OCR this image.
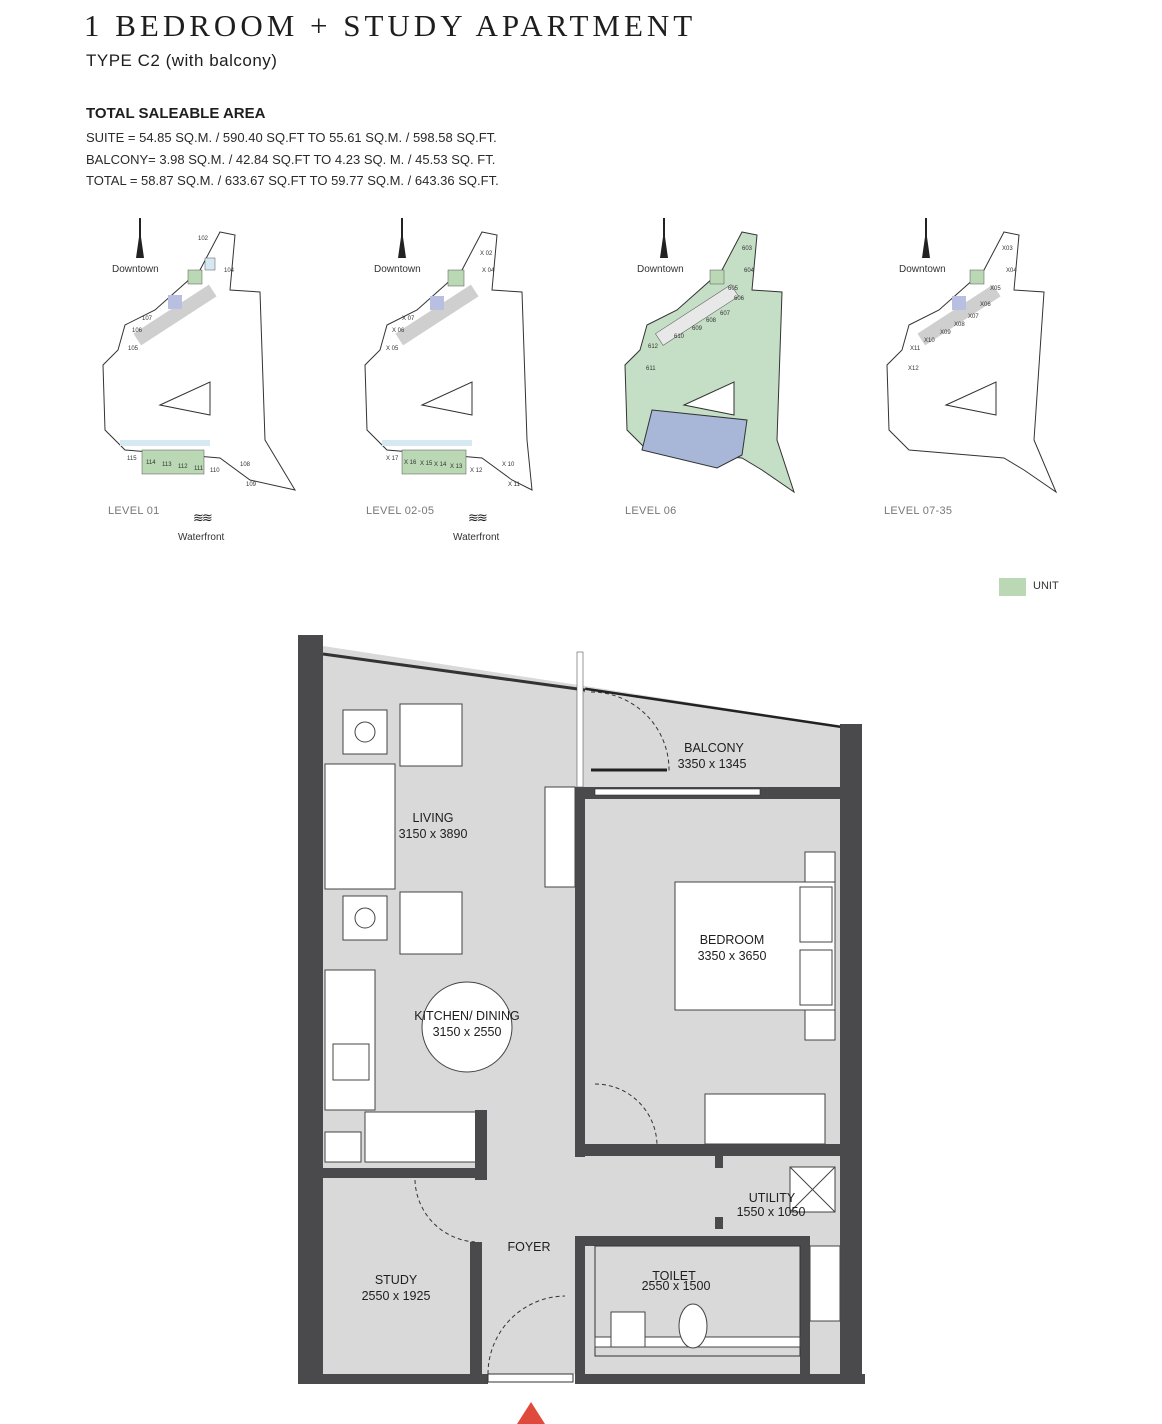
1 BEDROOM + STUDY APARTMENT
TYPE C2 (with balcony)
TOTAL SALEABLE AREA
SUITE = 54.85 SQ.M. / 590.40 SQ.FT TO 55.61 SQ.M. / 598.58 SQ.FT.
BALCONY= 3.98 SQ.M. / 42.84 SQ.FT TO 4.23 SQ. M. / 45.53 SQ. FT.
TOTAL = 58.87 SQ.M. / 633.67 SQ.FT TO 59.77 SQ.M. / 643.36 SQ.FT.
102
104
105
106
107
108
109
110
111
112
113
114
115
Downtown
LEVEL 01	≋≋
Waterfront
X 02
X 04
X 05
X 06
X 07
X 10
X 11
X 12
X 13
X 14
X 15
X 16
X 17
Downtown
LEVEL 02-05	≋≋
Waterfront
603
604
605
606
607
608
609
610
611
612
Downtown
LEVEL 06
X03
X04
X05
X06
X07
X08
X09
X10
X11
X12
Downtown
LEVEL 07-35
UNIT
BALCONY
3350 x 1345
LIVING
3150 x 3890
BEDROOM
3350 x 3650
KITCHEN/ DINING
3150 x 2550
UTILITY
1550 x 1050
FOYER
STUDY
2550 x 1925
TOILET
2550 x 1500
